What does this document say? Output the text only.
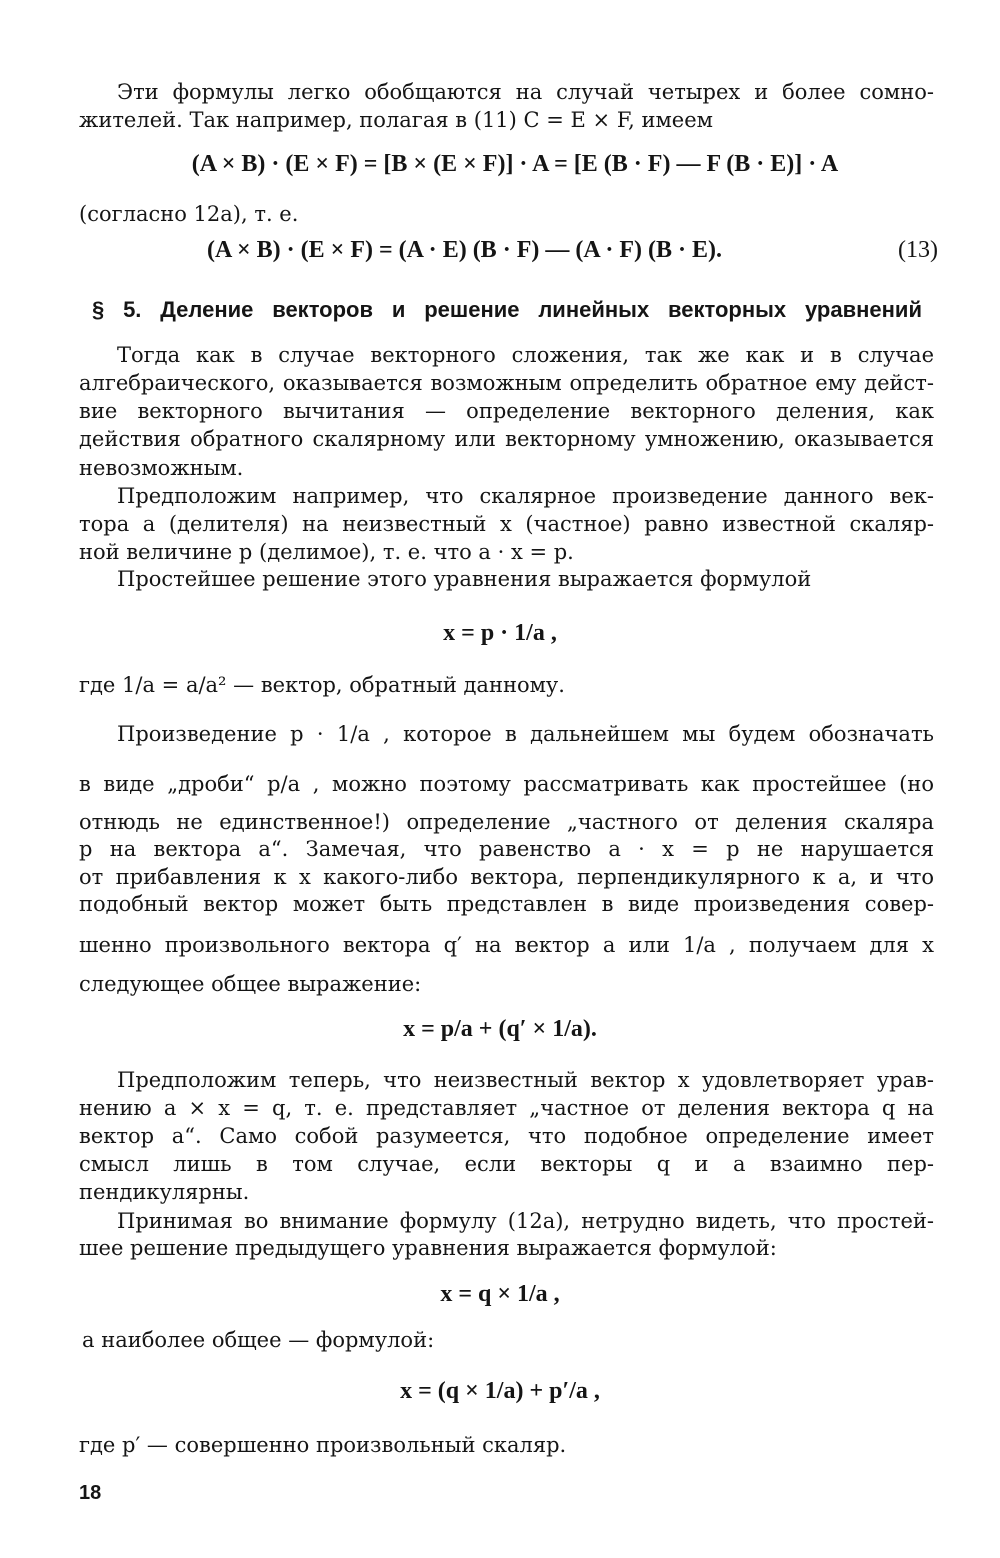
Эти формулы легко обобщаются на случай четырех и более сомно-
жителей. Так например, полагая в (11) C = E × F, имеем
(A × B) · (E × F) = [B × (E × F)] · A = [E (B · F) — F (B · E)] · A
(согласно 12а), т. е.
(A × B) · (E × F) = (A · E) (B · F) — (A · F) (B · E).	(13)
§ 5. Деление векторов и решение линейных векторных уравнений
Тогда как в случае векторного сложения, так же как и в случае
алгебраического, оказывается возможным определить обратное ему дейст-
вие векторного вычитания — определение векторного деления, как
действия обратного скалярному или векторному умножению, оказывается
невозможным.
Предположим например, что скалярное произведение данного век-
тора a (делителя) на неизвестный x (частное) равно известной скаляр-
ной величине p (делимое), т. е. что a · x = p.
Простейшее решение этого уравнения выражается формулой
x = p · 1/a ,
где 1/a = a/a² — вектор, обратный данному.
Произведение p · 1/a , которое в дальнейшем мы будем обозначать
в виде „дроби“ p/a , можно поэтому рассматривать как простейшее (но
отнюдь не единственное!) определение „частного от деления скаляра
p на вектора a“. Замечая, что равенство a · x = p не нарушается
от прибавления к x какого-либо вектора, перпендикулярного к a, и что
подобный вектор может быть представлен в виде произведения совер-
шенно произвольного вектора q′ на вектор a или 1/a , получаем для x
следующее общее выражение:
x = p/a + (q′ × 1/a).
Предположим теперь, что неизвестный вектор x удовлетворяет урав-
нению a × x = q, т. е. представляет „частное от деления вектора q на
вектор a“. Само собой разумеется, что подобное определение имеет
смысл лишь в том случае, если векторы q и a взаимно пер-
пендикулярны.
Принимая во внимание формулу (12а), нетрудно видеть, что простей-
шее решение предыдущего уравнения выражается формулой:
x = q × 1/a ,
а наиболее общее — формулой:
x = (q × 1/a) + p′/a ,
где p′ — совершенно произвольный скаляр.
18
